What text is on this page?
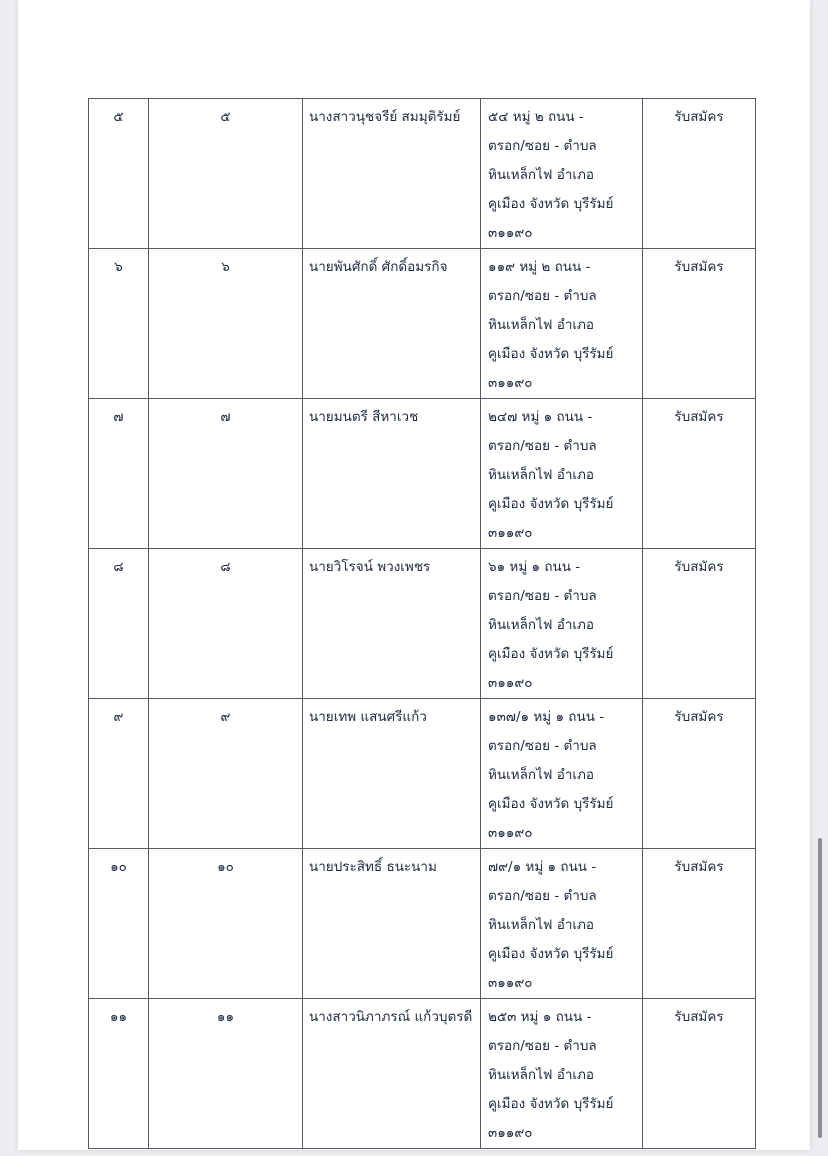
๕	๕	นางสาวนุชจรีย์ สมมุติรัมย์	๕๔ หมู่ ๒ ถนน -
ตรอก/ซอย - ตำบล
หินเหล็กไฟ อำเภอ
คูเมือง จังหวัด บุรีรัมย์
๓๑๑๙๐	รับสมัคร
๖	๖	นายพันศักดิ์ ศักดิ์อมรกิจ	๑๑๙ หมู่ ๒ ถนน -
ตรอก/ซอย - ตำบล
หินเหล็กไฟ อำเภอ
คูเมือง จังหวัด บุรีรัมย์
๓๑๑๙๐	รับสมัคร
๗	๗	นายมนตรี สีหาเวช	๒๔๗ หมู่ ๑ ถนน -
ตรอก/ซอย - ตำบล
หินเหล็กไฟ อำเภอ
คูเมือง จังหวัด บุรีรัมย์
๓๑๑๙๐	รับสมัคร
๘	๘	นายวิโรจน์ พวงเพชร	๖๑ หมู่ ๑ ถนน -
ตรอก/ซอย - ตำบล
หินเหล็กไฟ อำเภอ
คูเมือง จังหวัด บุรีรัมย์
๓๑๑๙๐	รับสมัคร
๙	๙	นายเทพ แสนศรีแก้ว	๑๓๗/๑ หมู่ ๑ ถนน -
ตรอก/ซอย - ตำบล
หินเหล็กไฟ อำเภอ
คูเมือง จังหวัด บุรีรัมย์
๓๑๑๙๐	รับสมัคร
๑๐	๑๐	นายประสิทธิ์ ธนะนาม	๗๙/๑ หมู่ ๑ ถนน -
ตรอก/ซอย - ตำบล
หินเหล็กไฟ อำเภอ
คูเมือง จังหวัด บุรีรัมย์
๓๑๑๙๐	รับสมัคร
๑๑	๑๑	นางสาวนิภาภรณ์ แก้วบุตรดี	๒๕๓ หมู่ ๑ ถนน -
ตรอก/ซอย - ตำบล
หินเหล็กไฟ อำเภอ
คูเมือง จังหวัด บุรีรัมย์
๓๑๑๙๐	รับสมัคร
